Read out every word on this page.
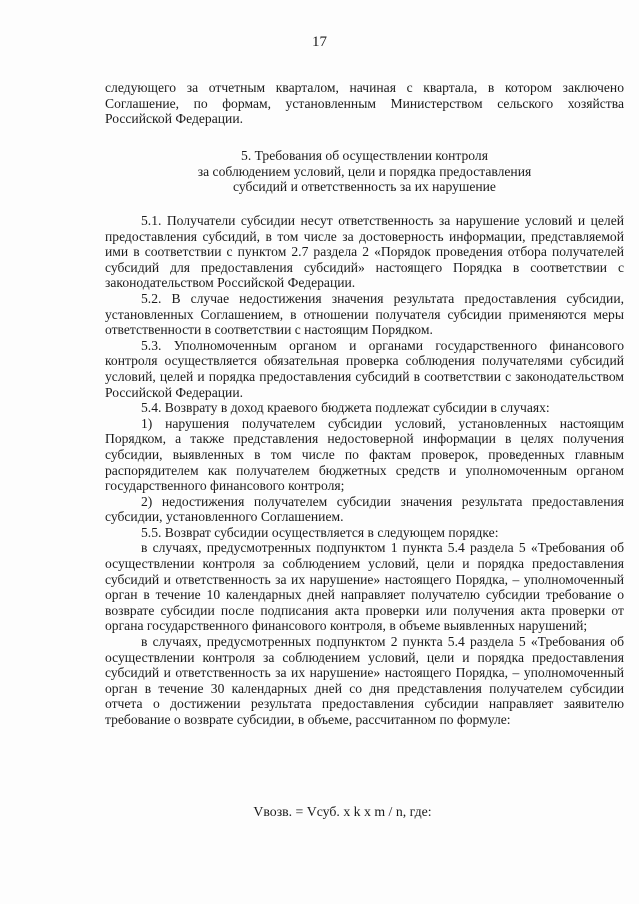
17

следующего за отчетным кварталом, начиная с квартала, в котором заключено Соглашение, по формам, установленным Министерством сельского хозяйства Российской Федерации.

5. Требования об осуществлении контроля
за соблюдением условий, цели и порядка предоставления
субсидий и ответственность за их нарушение

5.1. Получатели субсидии несут ответственность за нарушение условий и целей предоставления субсидий, в том числе за достоверность информации, представляемой ими в соответствии с пунктом 2.7 раздела 2 «Порядок проведения отбора получателей субсидий для предоставления субсидий» настоящего Порядка в соответствии с законодательством Российской Федерации.

5.2. В случае недостижения значения результата предоставления субсидии, установленных Соглашением, в отношении получателя субсидии применяются меры ответственности в соответствии с настоящим Порядком.

5.3. Уполномоченным органом и органами государственного финансового контроля осуществляется обязательная проверка соблюдения получателями субсидий условий, целей и порядка предоставления субсидий в соответствии с законодательством Российской Федерации.

5.4. Возврату в доход краевого бюджета подлежат субсидии в случаях:

1) нарушения получателем субсидии условий, установленных настоящим Порядком, а также представления недостоверной информации в целях получения субсидии, выявленных в том числе по фактам проверок, проведенных главным распорядителем как получателем бюджетных средств и уполномоченным органом государственного финансового контроля;

2) недостижения получателем субсидии значения результата предоставления субсидии, установленного Соглашением.

5.5. Возврат субсидии осуществляется в следующем порядке:

в случаях, предусмотренных подпунктом 1 пункта 5.4 раздела 5 «Требования об осуществлении контроля за соблюдением условий, цели и порядка предоставления субсидий и ответственность за их нарушение» настоящего Порядка, – уполномоченный орган в течение 10 календарных дней направляет получателю субсидии требование о возврате субсидии после подписания акта проверки или получения акта проверки от органа государственного финансового контроля, в объеме выявленных нарушений;

в случаях, предусмотренных подпунктом 2 пункта 5.4 раздела 5 «Требования об осуществлении контроля за соблюдением условий, цели и порядка предоставления субсидий и ответственность за их нарушение» настоящего Порядка, – уполномоченный орган в течение 30 календарных дней со дня представления получателем субсидии отчета о достижении результата предоставления субсидии направляет заявителю требование о возврате субсидии, в объеме, рассчитанном по формуле:

Vвозв. = Vсуб. x k x m / n, где:
